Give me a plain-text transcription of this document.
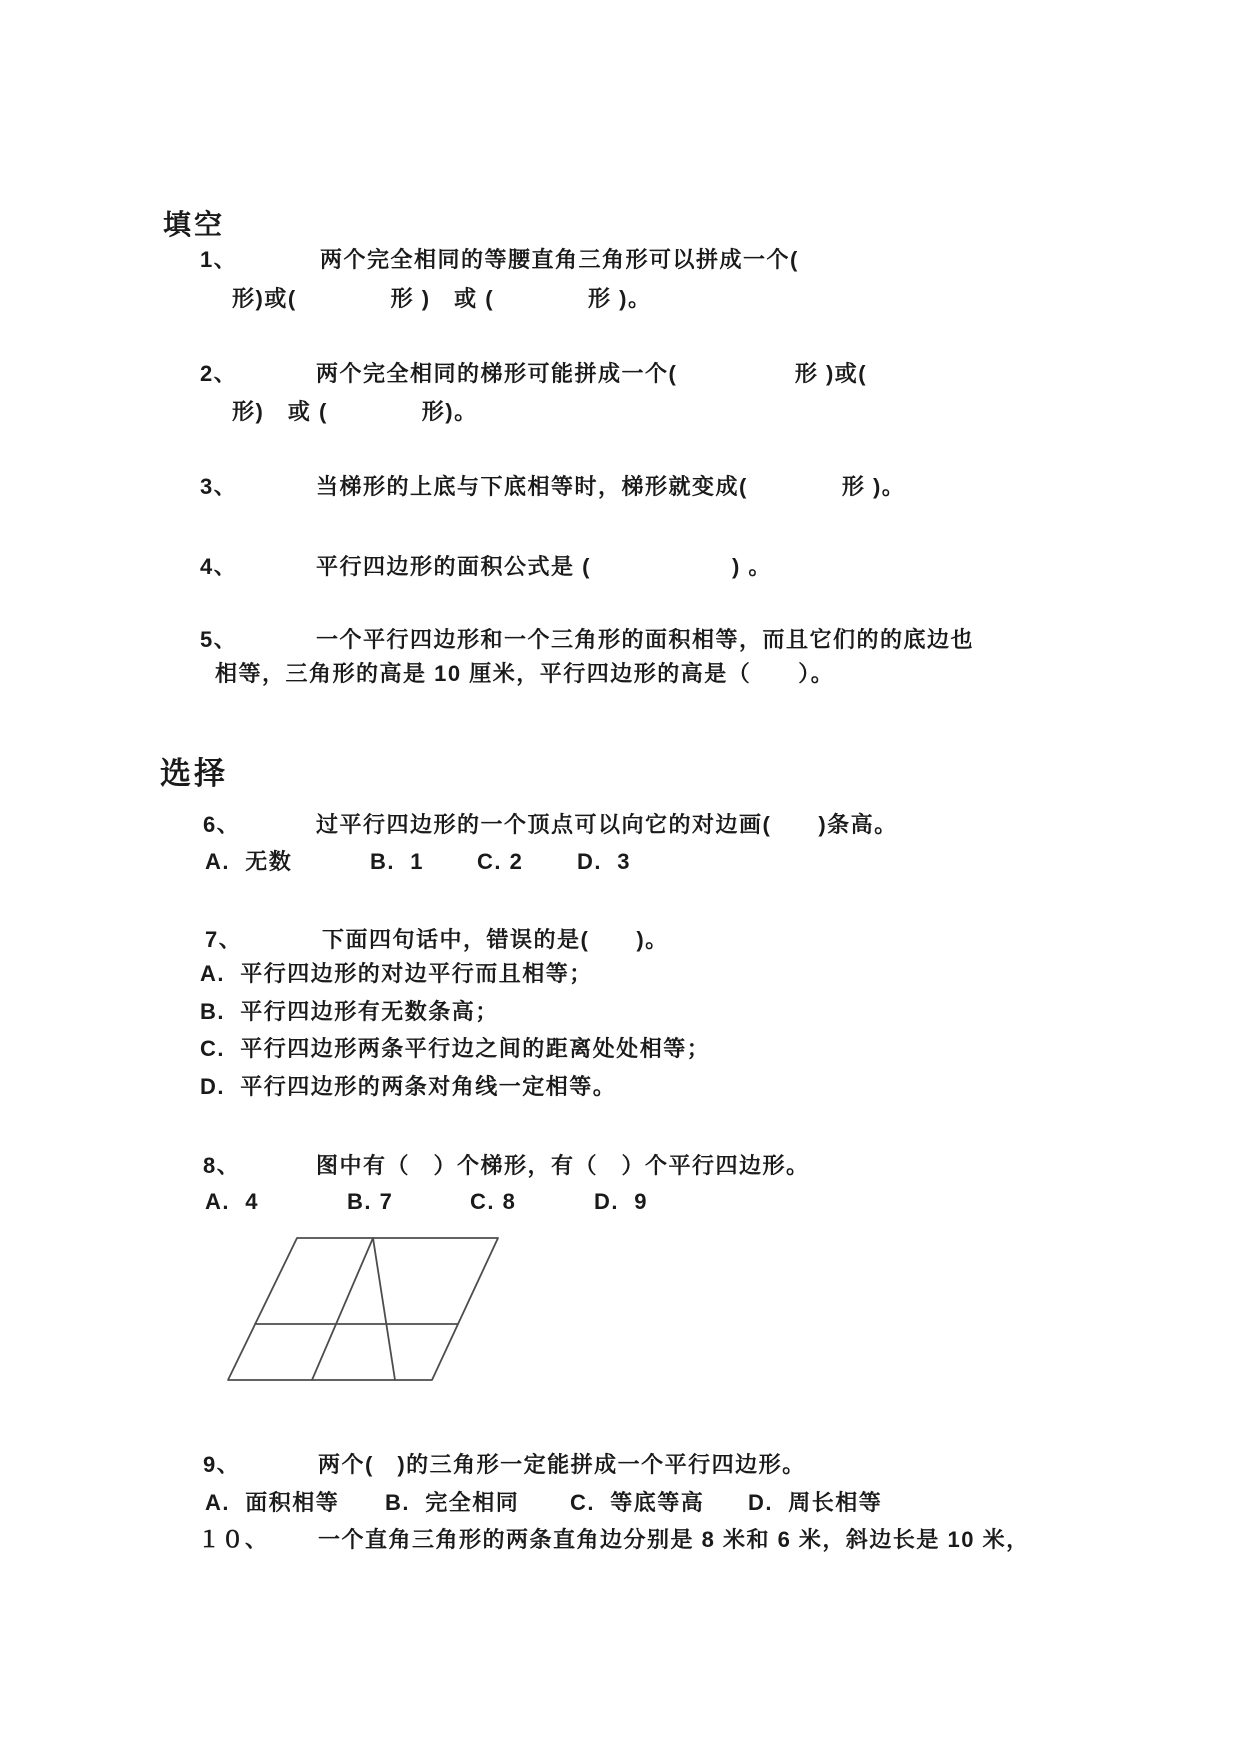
填空
1、	两个完全相同的等腰直角三角形可以拼成一个(
形)或(　　　　形 )　或 (　　　　形 )。
2、	两个完全相同的梯形可能拼成一个(　　　　　形 )或(
形)　或 (　　　　形)。
3、	当梯形的上底与下底相等时，梯形就变成(　　　　形 )。
4、	平行四边形的面积公式是 (　　　　　　) 。
5、	一个平行四边形和一个三角形的面积相等，而且它们的的底边也
相等，三角形的高是 10 厘米，平行四边形的高是（　　）。
选择
6、	过平行四边形的一个顶点可以向它的对边画(　　)条高。
A.  无数	B.  1 C. 2 D.  3
7、	下面四句话中，错误的是(　　)。
A.  平行四边形的对边平行而且相等；
B.  平行四边形有无数条高；
C.  平行四边形两条平行边之间的距离处处相等；
D.  平行四边形的两条对角线一定相等。
8、	图中有（　）个梯形，有（　）个平行四边形。
A.  4	B. 7	C. 8	D.  9
9、	两个(　)的三角形一定能拼成一个平行四边形。
A.  面积相等 B.  完全相同 C.  等底等高 D.  周长相等
１０、 一个直角三角形的两条直角边分别是 8 米和 6 米，斜边长是 10 米，
